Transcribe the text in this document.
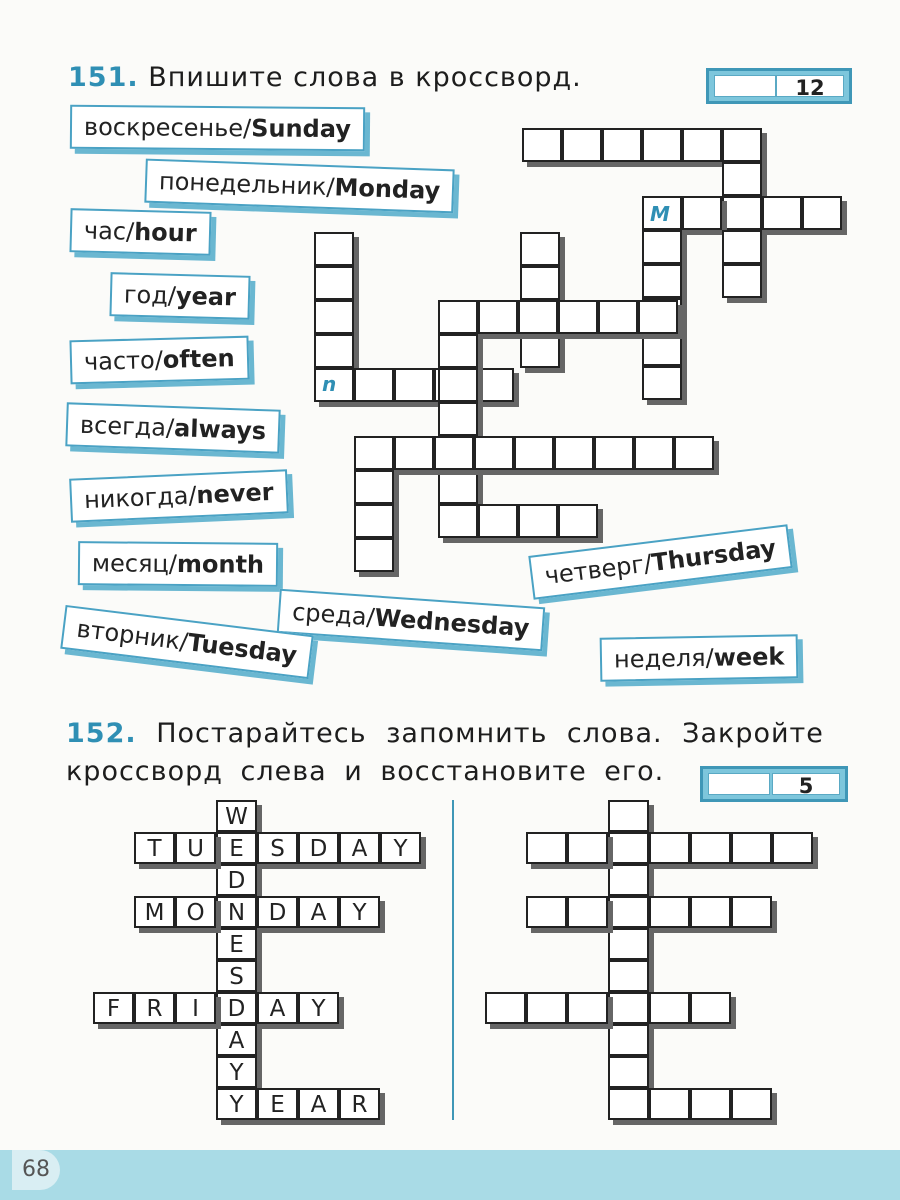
68
151. Впишите слова в кроссворд.	12
воскресенье/Sunday
понедельник/Monday
час/hour
год/year
часто/often
всегда/always
никогда/never
месяц/month	четверг/Thursday
среда/Wednesday
вторник/Tuesday	неделя/week
M
n
152. Постарайтесь запомнить слова. Закройте
кроссворд слева и восстановите его.	5
W
E
D
N
E
S
D
A
Y
T	U	S	D	A	Y
M O	D	A	Y
F	R	I	A	Y
Y	E	A	R
